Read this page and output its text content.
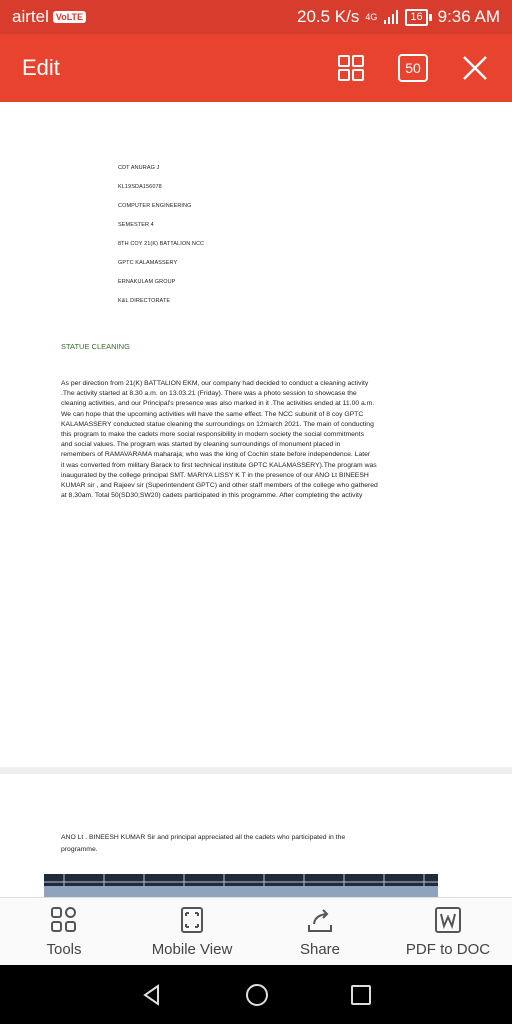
airtel VoLTE	20.5 K/s 4G	16 9:36 AM
Edit	50
CDT ANURAG J
KL19SDA156078
COMPUTER ENGINEERING
SEMESTER 4
8TH COY 21(K) BATTALION NCC
GPTC KALAMASSERY
ERNAKULAM GROUP
K&L DIRECTORATE
STATUE CLEANING
As per direction from 21(K) BATTALION EKM, our company had decided to conduct a cleaning activity
.The activity started at 8.30 a.m. on 13.03.21 (Friday). There was a photo session to showcase the
cleaning activities, and our Principal's presence was also marked in it .The activities ended at 11.00 a.m.
We can hope that the upcoming activities will have the same effect. The NCC subunit of 8 coy GPTC
KALAMASSERY conducted statue cleaning the surroundings on 12march 2021. The main of conducting
this program to make the cadets more social responsibility in modern society the social commitments
and social values. The program was started by cleaning surroundings of monument placed in
remembers of RAMAVARAMA maharaja; who was the king of Cochin state before independence. Later
it was converted from military Barack to first technical institute GPTC KALAMASSERY).The program was
inaugurated by the college principal SMT. MARIYA LISSY K T in the presence of our ANO Lt BINEESH
KUMAR sir , and Rajeev sir (Superintendent GPTC) and other staff members of the college who gathered
at 8.30am. Total 50(SD30;SW20) cadets participated in this programme. After completing the activity
ANO Lt . BINEESH KUMAR Sir and principal appreciated all the cadets who participated in the
programme.
Tools	Mobile View	Share	PDF to DOC
